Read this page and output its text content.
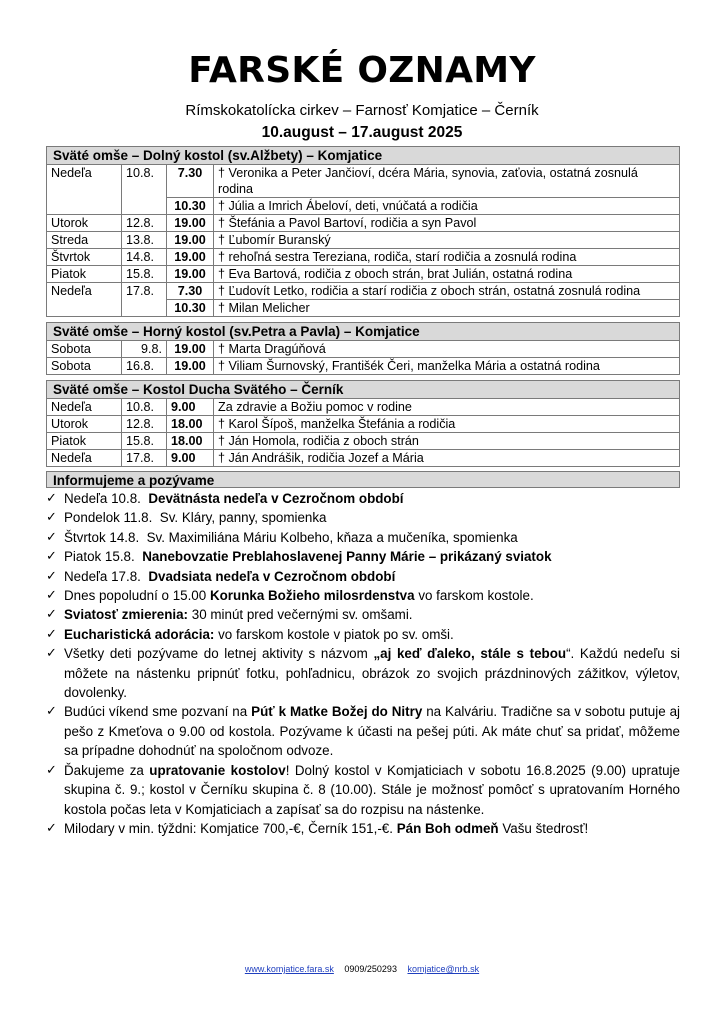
FARSKÉ OZNAMY
Rímskokatolícka cirkev – Farnosť Komjatice – Černík
10.august – 17.august 2025
Sväté omše – Dolný kostol (sv.Alžbety) – Komjatice			
Nedeľa	10.8.	7.30	† Veronika a Peter Jančioví, dcéra Mária, synovia, zaťovia, ostatná zosnulá rodina
		10.30	† Júlia a Imrich Ábeloví, deti, vnúčatá a rodičia
Utorok	12.8.	19.00	† Štefánia a Pavol Bartoví, rodičia a syn Pavol
Streda	13.8.	19.00	† Ľubomír Buranský
Štvrtok	14.8.	19.00	† rehoľná sestra Tereziana, rodiča, starí rodičia a zosnulá rodina
Piatok	15.8.	19.00	† Eva Bartová, rodičia z oboch strán, brat Julián, ostatná rodina
Nedeľa	17.8.	7.30	† Ľudovít Letko, rodičia a starí rodičia z oboch strán, ostatná zosnulá rodina
		10.30	† Milan Melicher
Sväté omše – Horný kostol (sv.Petra a Pavla) – Komjatice			
Sobota	9.8.	19.00	† Marta Dragúňová
Sobota	16.8.	19.00	† Viliam Šurnovský, Františék Čeri, manželka Mária a ostatná rodina
Sväté omše – Kostol Ducha Svätého – Černík			
Nedeľa	10.8.	9.00	Za zdravie a Božiu pomoc v rodine
Utorok	12.8.	18.00	† Karol Šípoš, manželka Štefánia a rodičia
Piatok	15.8.	18.00	† Ján Homola, rodičia z oboch strán
Nedeľa	17.8.	9.00	† Ján Andrášik, rodičia Jozef a Mária
Informujeme a pozývame
✓ Nedeľa 10.8. Devätnásta nedeľa v Cezročnom období
✓ Pondelok 11.8.  Sv. Kláry, panny, spomienka
✓ Štvrtok 14.8.  Sv. Maximiliána Máriu Kolbeho, kňaza a mučeníka, spomienka
✓ Piatok 15.8. Nanebovzatie Preblahoslavenej Panny Márie – prikázaný sviatok
✓ Nedeľa 17.8. Dvadsiata nedeľa v Cezročnom období
✓ Dnes popoludní o 15.00 Korunka Božieho milosrdenstva vo farskom kostole.
✓ Sviatosť zmierenia: 30 minút pred večernými sv. omšami.
✓ Eucharistická adorácia: vo farskom kostole v piatok po sv. omši.
✓ Všetky deti pozývame do letnej aktivity s názvom „aj keď ďaleko, stále s tebou“. Každú nedeľu si môžete na nástenku pripnúť fotku, pohľadnicu, obrázok zo svojich prázdninových zážitkov, výletov, dovolenky.
✓ Budúci víkend sme pozvaní na Púť k Matke Božej do Nitry na Kalváriu. Tradične sa v sobotu putuje aj pešo z Kmeťova o 9.00 od kostola. Pozývame k účasti na pešej púti. Ak máte chuť sa pridať, môžeme sa prípadne dohodnúť na spoločnom odvoze.
✓ Ďakujeme za upratovanie kostolov! Dolný kostol v Komjaticiach v sobotu 16.8.2025 (9.00) upratuje skupina č. 9.; kostol v Černíku skupina č. 8 (10.00). Stále je možnosť pomôcť s upratovaním Horného kostola počas leta v Komjaticiach a zapísať sa do rozpisu na nástenke.
✓ Milodary v min. týždni: Komjatice 700,-€, Černík 151,-€. Pán Boh odmeň Vašu štedrosť!
www.komjatice.fara.sk 0909/250293 komjatice@nrb.sk
